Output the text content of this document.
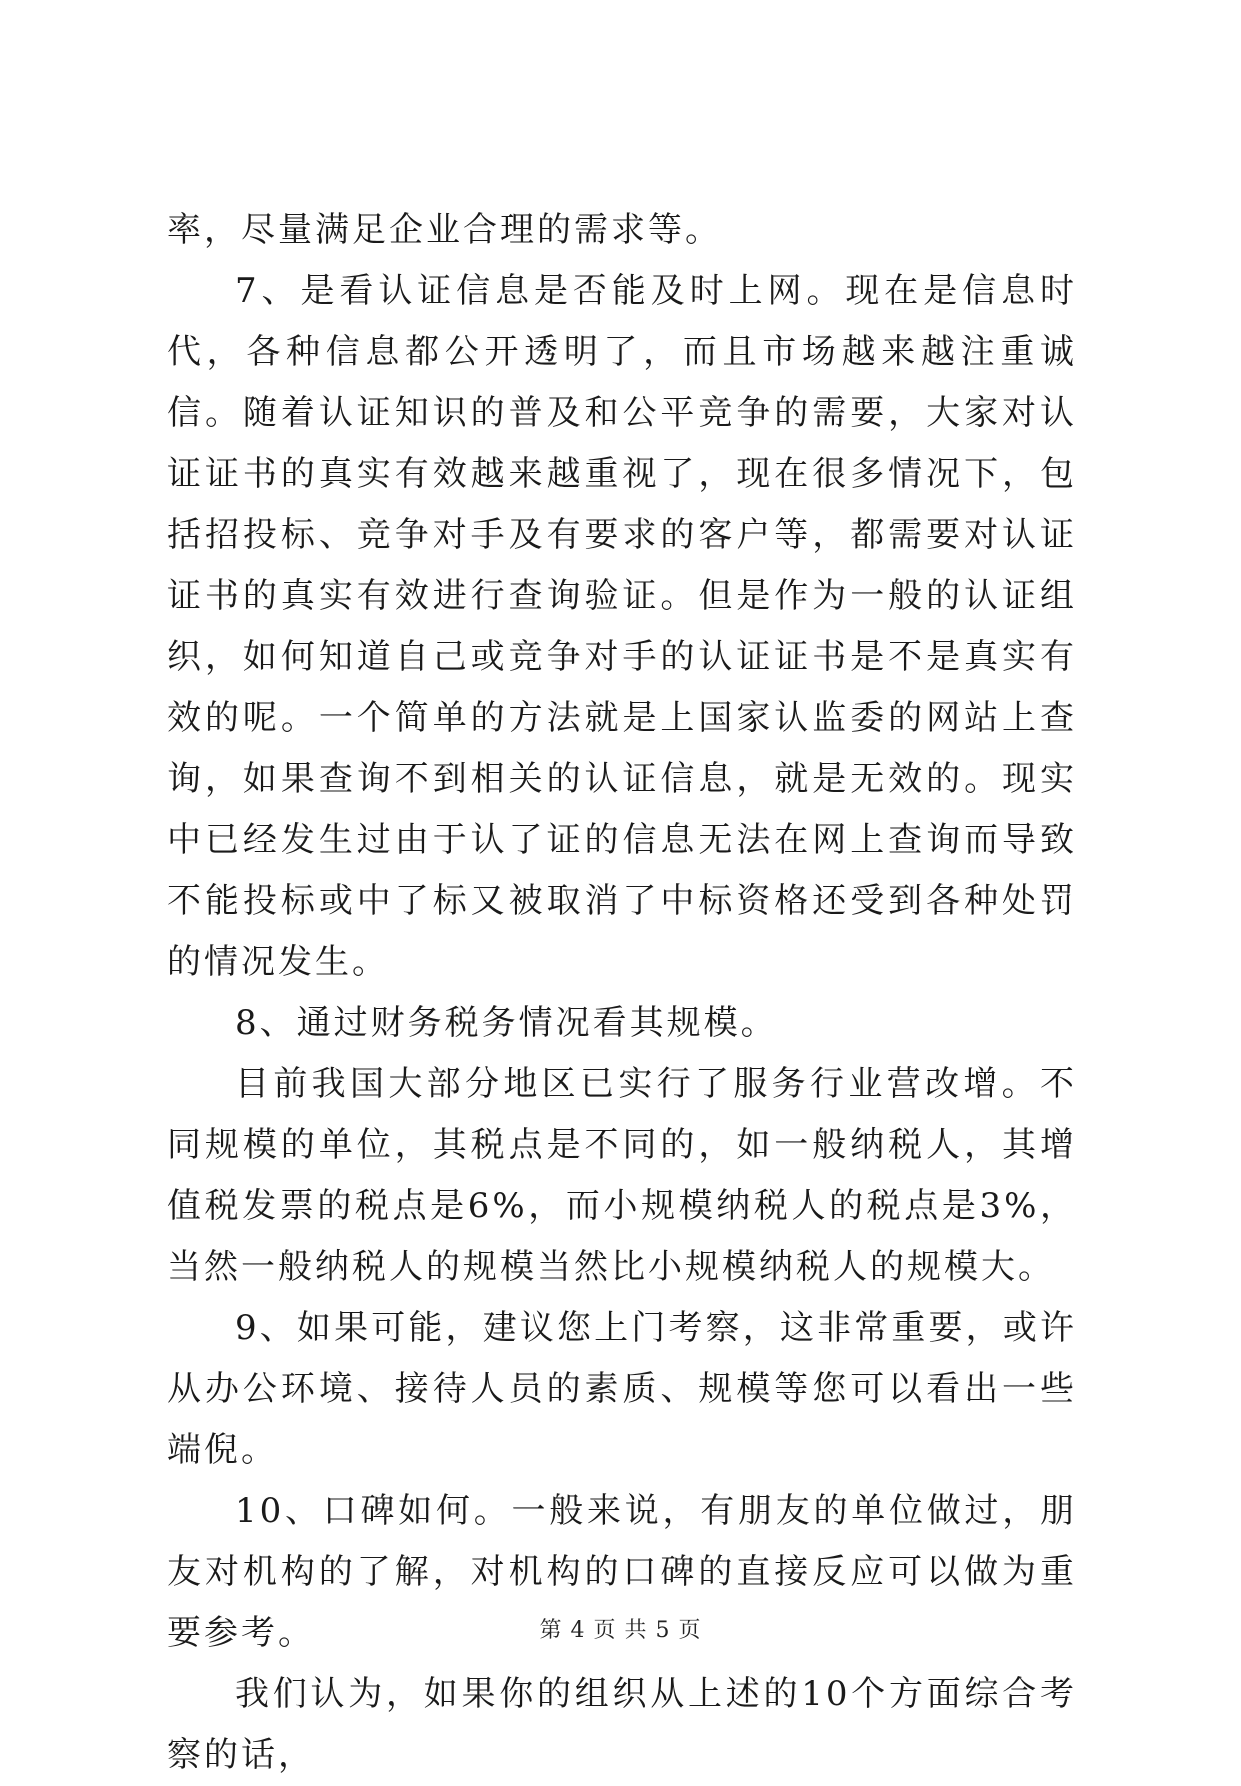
率，尽量满足企业合理的需求等。

7、是看认证信息是否能及时上网。现在是信息时代，各种信息都公开透明了，而且市场越来越注重诚信。随着认证知识的普及和公平竞争的需要，大家对认证证书的真实有效越来越重视了，现在很多情况下，包括招投标、竞争对手及有要求的客户等，都需要对认证证书的真实有效进行查询验证。但是作为一般的认证组织，如何知道自己或竞争对手的认证证书是不是真实有效的呢。一个简单的方法就是上国家认监委的网站上查询，如果查询不到相关的认证信息，就是无效的。现实中已经发生过由于认了证的信息无法在网上查询而导致不能投标或中了标又被取消了中标资格还受到各种处罚的情况发生。

8、通过财务税务情况看其规模。

目前我国大部分地区已实行了服务行业营改增。不同规模的单位，其税点是不同的，如一般纳税人，其增值税发票的税点是6%，而小规模纳税人的税点是3%，当然一般纳税人的规模当然比小规模纳税人的规模大。

9、如果可能，建议您上门考察，这非常重要，或许从办公环境、接待人员的素质、规模等您可以看出一些端倪。

10、口碑如何。一般来说，有朋友的单位做过，朋友对机构的了解，对机构的口碑的直接反应可以做为重要参考。

我们认为，如果你的组织从上述的10个方面综合考察的话，

第 4 页 共 5 页
